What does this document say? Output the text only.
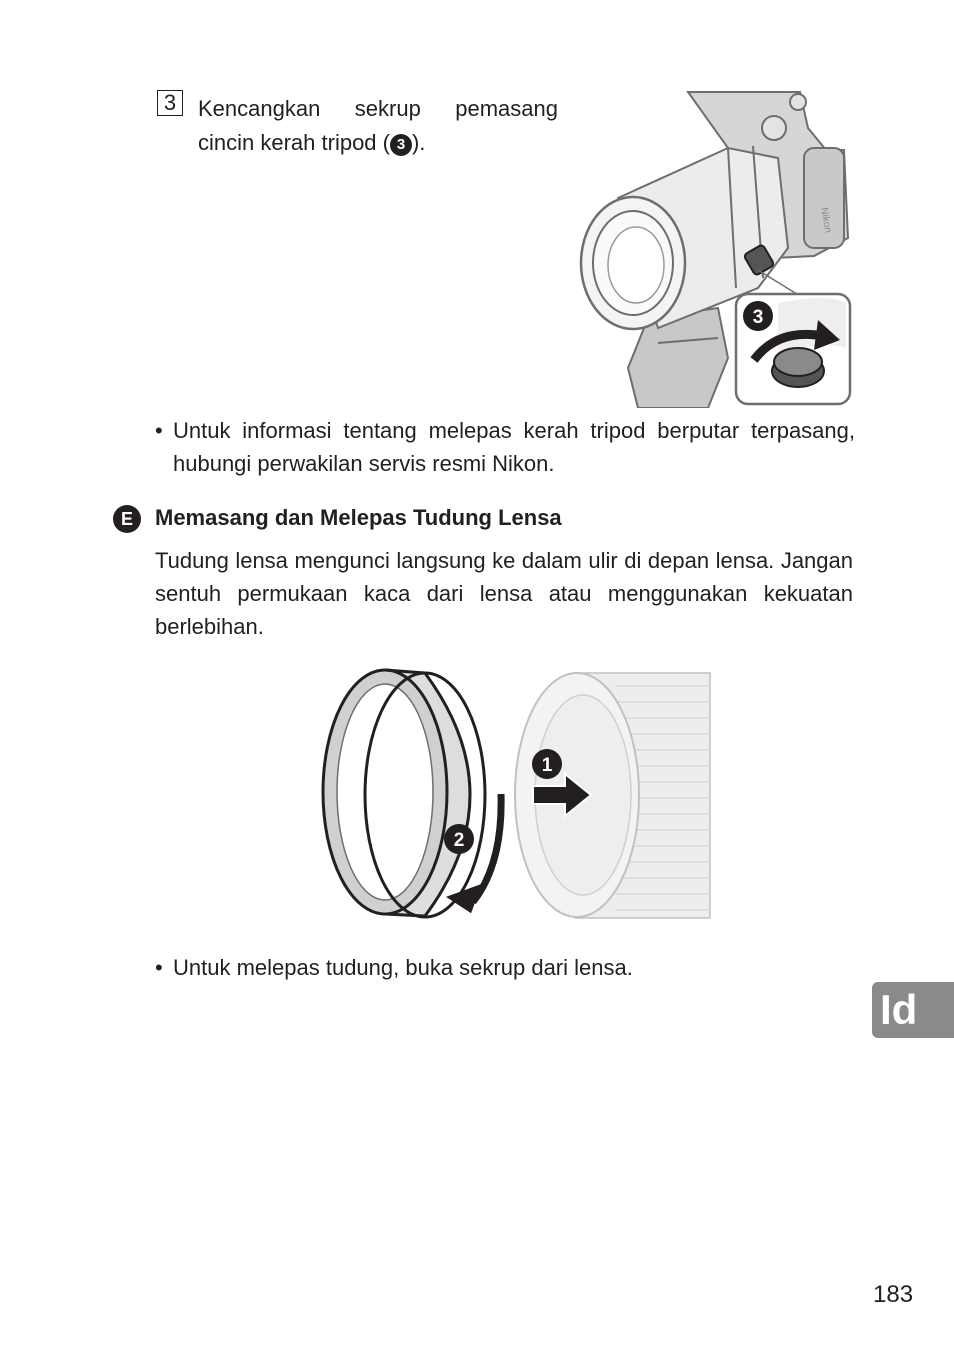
3 Kencangkan sekrup pemasang
cincin kerah tripod ( 3 ).
Nikon
3
• Untuk informasi tentang melepas kerah tripod berputar terpasang, hubungi perwakilan servis resmi Nikon.
E	Memasang dan Melepas Tudung Lensa
Tudung lensa mengunci langsung ke dalam ulir di depan lensa. Jangan sentuh permukaan kaca dari lensa atau menggunakan kekuatan berlebihan.
1
2
• Untuk melepas tudung, buka sekrup dari lensa.
Id
183
